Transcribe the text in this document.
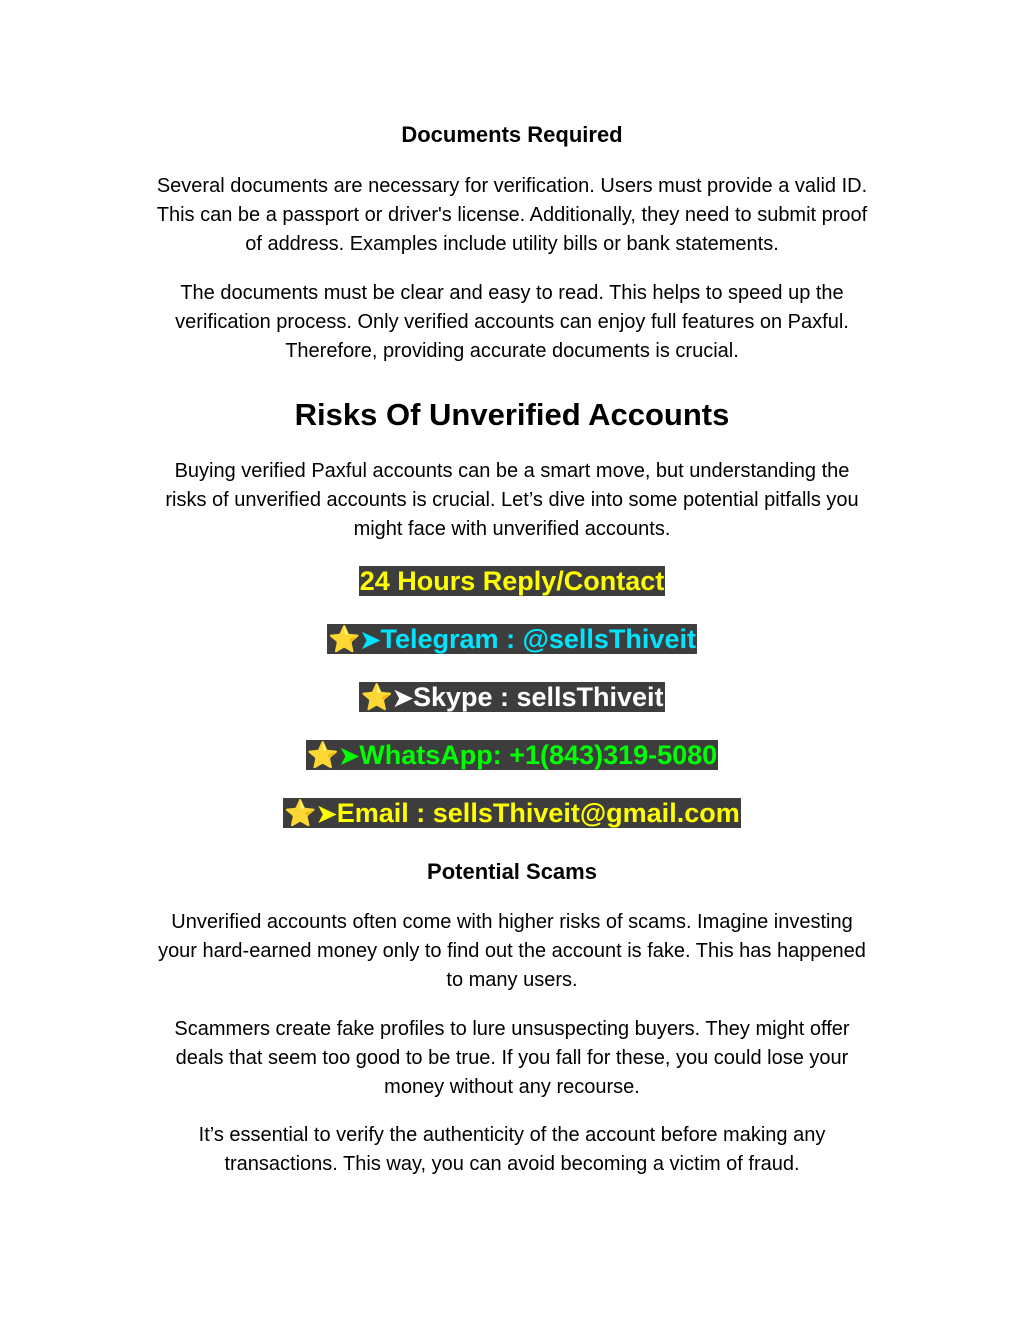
Documents Required

Several documents are necessary for verification. Users must provide a valid ID.
This can be a passport or driver's license. Additionally, they need to submit proof
of address. Examples include utility bills or bank statements.

The documents must be clear and easy to read. This helps to speed up the
verification process. Only verified accounts can enjoy full features on Paxful.
Therefore, providing accurate documents is crucial.

Risks Of Unverified Accounts

Buying verified Paxful accounts can be a smart move, but understanding the
risks of unverified accounts is crucial. Let’s dive into some potential pitfalls you
might face with unverified accounts.

24 Hours Reply/Contact
⭐➤Telegram : @sellsThiveit
⭐➤Skype : sellsThiveit
⭐➤WhatsApp: +1(843)319-5080
⭐➤Email : sellsThiveit@gmail.com
Potential Scams

Unverified accounts often come with higher risks of scams. Imagine investing
your hard-earned money only to find out the account is fake. This has happened
to many users.

Scammers create fake profiles to lure unsuspecting buyers. They might offer
deals that seem too good to be true. If you fall for these, you could lose your
money without any recourse.

It’s essential to verify the authenticity of the account before making any
transactions. This way, you can avoid becoming a victim of fraud.
